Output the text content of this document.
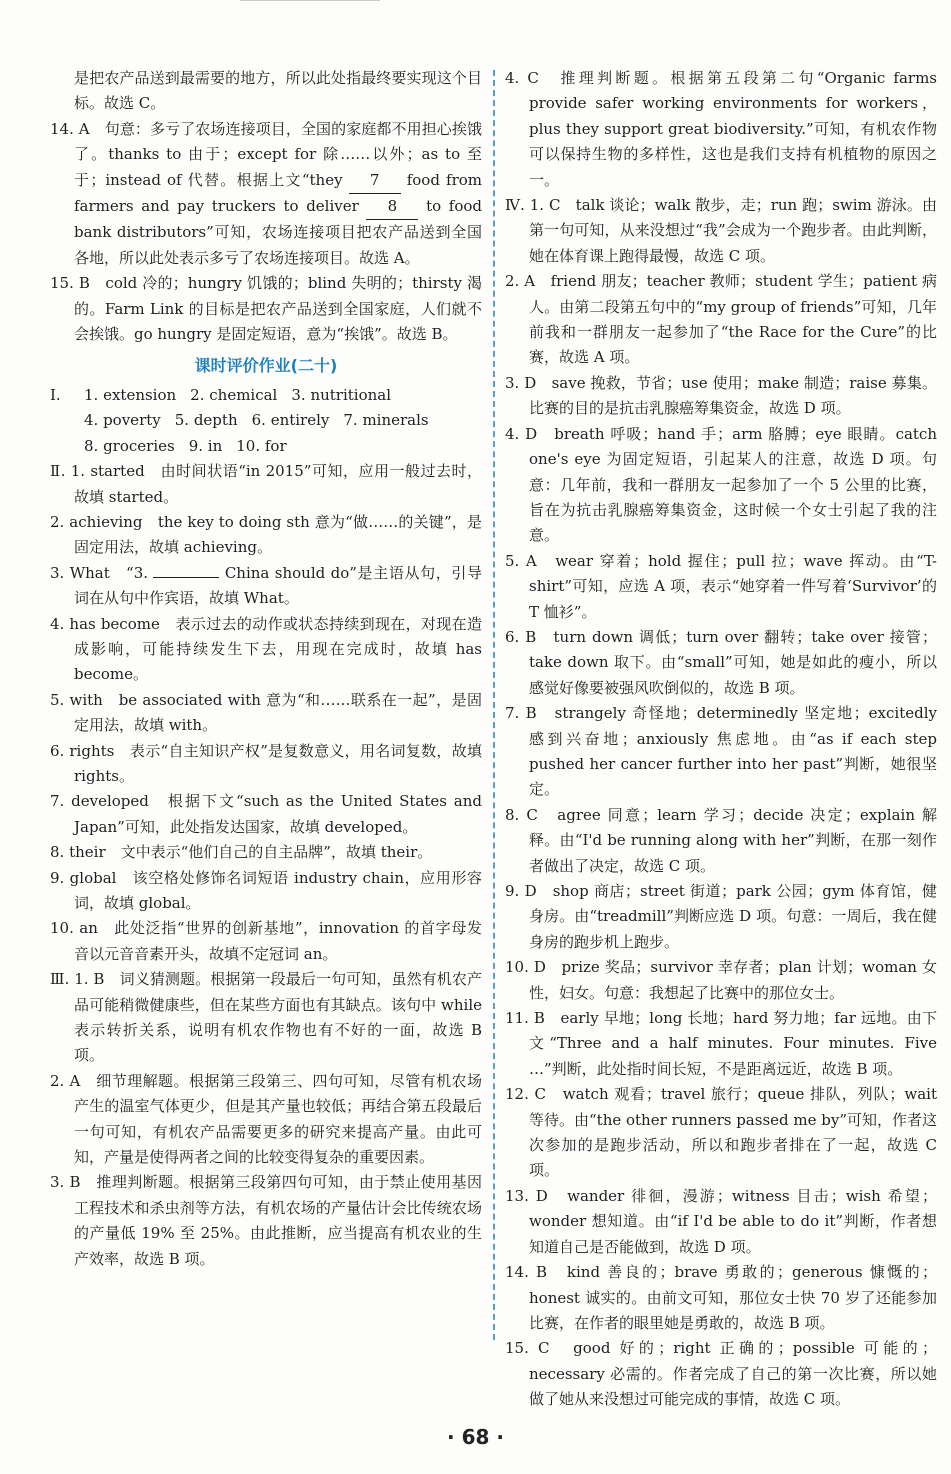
是把农产品送到最需要的地方，所以此处指最终要实现这个目标。故选 C。

14. A　句意：多亏了农场连接项目，全国的家庭都不用担心挨饿了。thanks to 由于；except for 除……以外；as to 至于；instead of 代替。根据上文“they 7 food from farmers and pay truckers to deliver 8 to food bank distributors”可知，农场连接项目把农产品送到全国各地，所以此处表示多亏了农场连接项目。故选 A。

15. B　cold 冷的；hungry 饥饿的；blind 失明的；thirsty 渴的。Farm Link 的目标是把农产品送到全国家庭，人们就不会挨饿。go hungry 是固定短语，意为“挨饿”。故选 B。

课时评价作业(二十)
Ⅰ. 1. extension 2. chemical 3. nutritional
4. poverty 5. depth 6. entirely 7. minerals
8. groceries 9. in 10. for

Ⅱ. 1. started　由时间状语“in 2015”可知，应用一般过去时，故填 started。

2. achieving　the key to doing sth 意为“做……的关键”，是固定用法，故填 achieving。

3. What　“3.	China should do”是主语从句，引导词在从句中作宾语，故填 What。

4. has become　表示过去的动作或状态持续到现在，对现在造成影响，可能持续发生下去，用现在完成时，故填 has become。

5. with　be associated with 意为“和……联系在一起”，是固定用法，故填 with。

6. rights　表示“自主知识产权”是复数意义，用名词复数，故填 rights。

7. developed　根据下文“such as the United States and Japan”可知，此处指发达国家，故填 developed。

8. their　文中表示“他们自己的自主品牌”，故填 their。

9. global　该空格处修饰名词短语 industry chain，应用形容词，故填 global。

10. an　此处泛指“世界的创新基地”，innovation 的首字母发音以元音音素开头，故填不定冠词 an。

Ⅲ. 1. B　词义猜测题。根据第一段最后一句可知，虽然有机农产品可能稍微健康些，但在某些方面也有其缺点。该句中 while 表示转折关系，说明有机农作物也有不好的一面，故选 B 项。

2. A　细节理解题。根据第三段第三、四句可知，尽管有机农场产生的温室气体更少，但是其产量也较低；再结合第五段最后一句可知，有机农产品需要更多的研究来提高产量。由此可知，产量是使得两者之间的比较变得复杂的重要因素。

3. B　推理判断题。根据第三段第四句可知，由于禁止使用基因工程技术和杀虫剂等方法，有机农场的产量估计会比传统农场的产量低 19% 至 25%。由此推断，应当提高有机农业的生产效率，故选 B 项。

4. C　推理判断题。根据第五段第二句“Organic farms provide safer working environments for workers，plus they support great biodiversity.”可知，有机农作物可以保持生物的多样性，这也是我们支持有机植物的原因之一。

Ⅳ. 1. C　talk 谈论；walk 散步，走；run 跑；swim 游泳。由第一句可知，从来没想过“我”会成为一个跑步者。由此判断，她在体育课上跑得最慢，故选 C 项。

2. A　friend 朋友；teacher 教师；student 学生；patient 病人。由第二段第五句中的“my group of friends”可知，几年前我和一群朋友一起参加了“the Race for the Cure”的比赛，故选 A 项。

3. D　save 挽救，节省；use 使用；make 制造；raise 募集。比赛的目的是抗击乳腺癌筹集资金，故选 D 项。

4. D　breath 呼吸；hand 手；arm 胳膊；eye 眼睛。catch one's eye 为固定短语，引起某人的注意，故选 D 项。句意：几年前，我和一群朋友一起参加了一个 5 公里的比赛，旨在为抗击乳腺癌筹集资金，这时候一个女士引起了我的注意。

5. A　wear 穿着；hold 握住；pull 拉；wave 挥动。由“T-shirt”可知，应选 A 项，表示“她穿着一件写着‘Survivor’的 T 恤衫”。

6. B　turn down 调低；turn over 翻转；take over 接管；take down 取下。由“small”可知，她是如此的瘦小，所以感觉好像要被强风吹倒似的，故选 B 项。

7. B　strangely 奇怪地；determinedly 坚定地；excitedly 感到兴奋地；anxiously 焦虑地。由“as if each step pushed her cancer further into her past”判断，她很坚定。

8. C　agree 同意；learn 学习；decide 决定；explain 解释。由“I'd be running along with her”判断，在那一刻作者做出了决定，故选 C 项。

9. D　shop 商店；street 街道；park 公园；gym 体育馆，健身房。由“treadmill”判断应选 D 项。句意：一周后，我在健身房的跑步机上跑步。

10. D　prize 奖品；survivor 幸存者；plan 计划；woman 女性，妇女。句意：我想起了比赛中的那位女士。

11. B　early 早地；long 长地；hard 努力地；far 远地。由下文“Three and a half minutes. Four minutes. Five …”判断，此处指时间长短，不是距离远近，故选 B 项。

12. C　watch 观看；travel 旅行；queue 排队，列队；wait 等待。由“the other runners passed me by”可知，作者这次参加的是跑步活动，所以和跑步者排在了一起，故选 C 项。

13. D　wander 徘徊，漫游；witness 目击；wish 希望；wonder 想知道。由“if I'd be able to do it”判断，作者想知道自己是否能做到，故选 D 项。

14. B　kind 善良的；brave 勇敢的；generous 慷慨的；honest 诚实的。由前文可知，那位女士快 70 岁了还能参加比赛，在作者的眼里她是勇敢的，故选 B 项。

15. C　good 好的；right 正确的；possible 可能的；necessary 必需的。作者完成了自己的第一次比赛，所以她做了她从来没想过可能完成的事情，故选 C 项。

· 68 ·
